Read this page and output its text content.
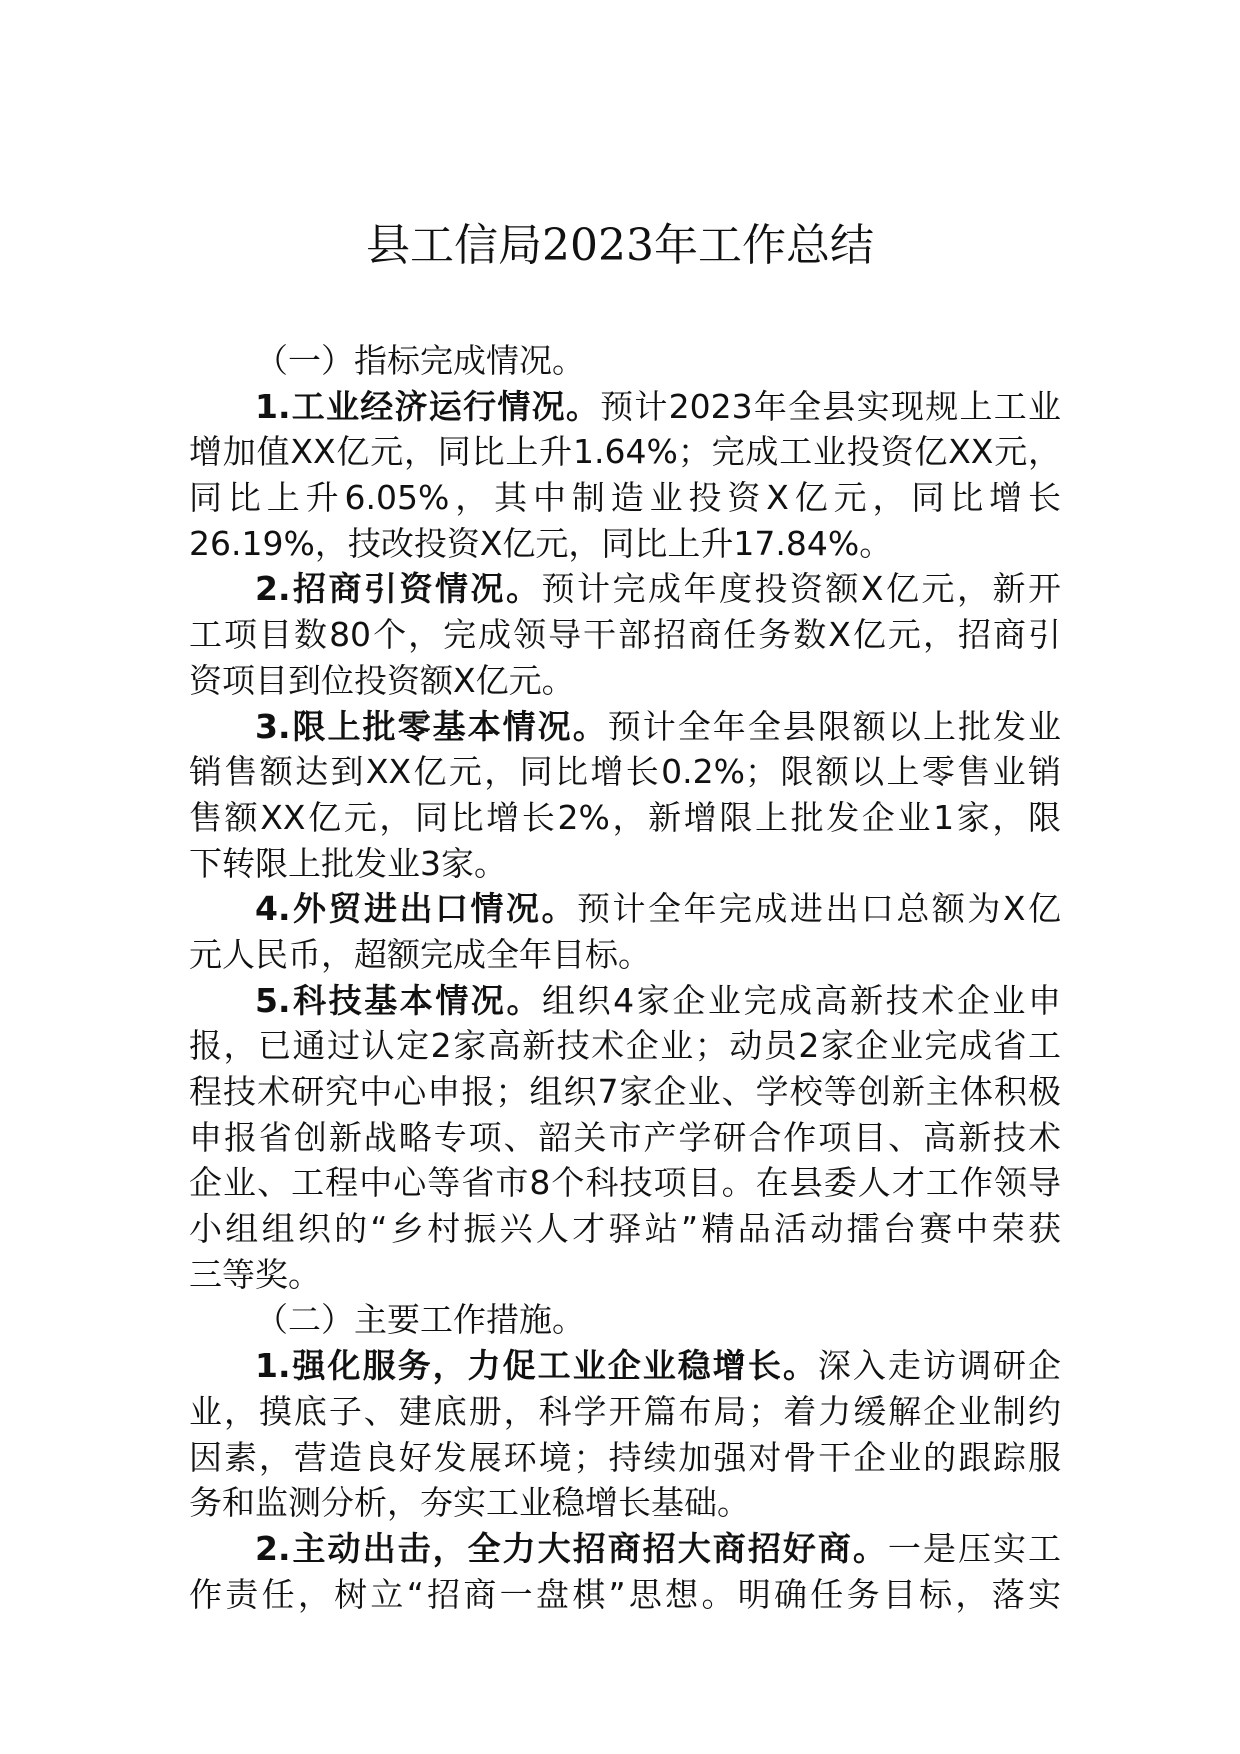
县工信局2023年工作总结
（一）指标完成情况。
1.工业经济运行情况。预计2023年全县实现规上工业
增加值XX亿元，同比上升1.64%；完成工业投资亿XX元，
同比上升6.05%，其中制造业投资X亿元，同比增长
26.19%，技改投资X亿元，同比上升17.84%。
2.招商引资情况。预计完成年度投资额X亿元，新开
工项目数80个，完成领导干部招商任务数X亿元，招商引
资项目到位投资额X亿元。
3.限上批零基本情况。预计全年全县限额以上批发业
销售额达到XX亿元，同比增长0.2%；限额以上零售业销
售额XX亿元，同比增长2%，新增限上批发企业1家，限
下转限上批发业3家。
4.外贸进出口情况。预计全年完成进出口总额为X亿
元人民币，超额完成全年目标。
5.科技基本情况。组织4家企业完成高新技术企业申
报，已通过认定2家高新技术企业；动员2家企业完成省工
程技术研究中心申报；组织7家企业、学校等创新主体积极
申报省创新战略专项、韶关市产学研合作项目、高新技术
企业、工程中心等省市8个科技项目。在县委人才工作领导
小组组织的“乡村振兴人才驿站”精品活动擂台赛中荣获
三等奖。
（二）主要工作措施。
1.强化服务，力促工业企业稳增长。深入走访调研企
业，摸底子、建底册，科学开篇布局；着力缓解企业制约
因素，营造良好发展环境；持续加强对骨干企业的跟踪服
务和监测分析，夯实工业稳增长基础。
2.主动出击，全力大招商招大商招好商。一是压实工
作责任，树立“招商一盘棋”思想。明确任务目标，落实
